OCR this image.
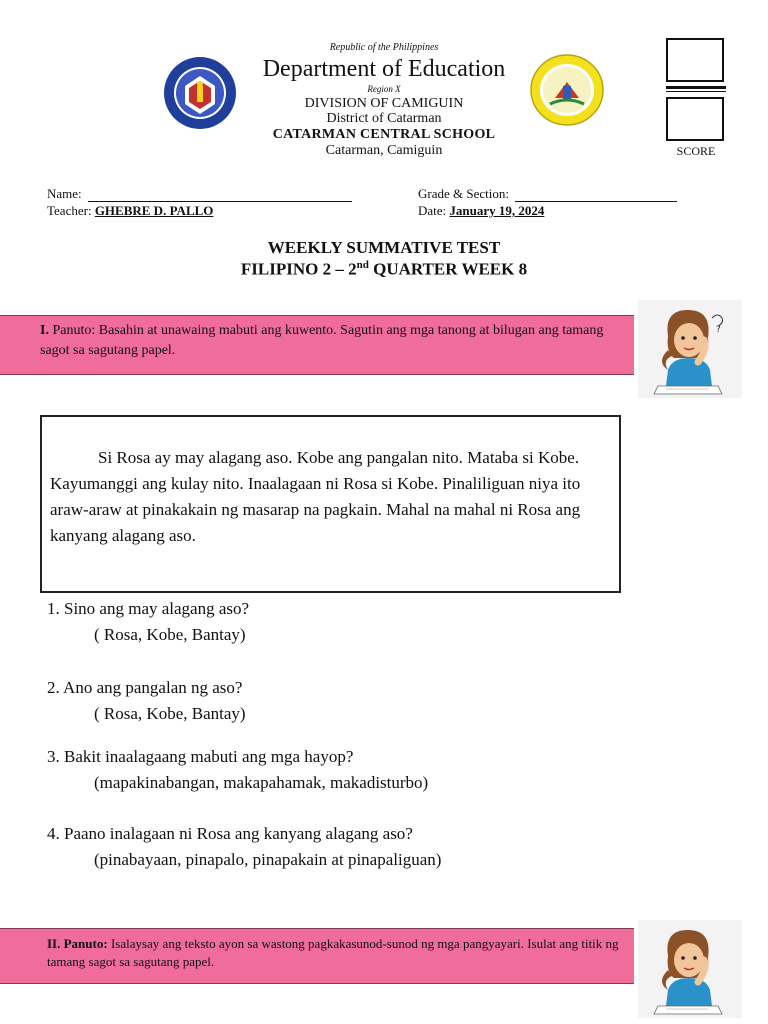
Republic of the Philippines
Department of Education
Region X
DIVISION OF CAMIGUIN
District of Catarman
CATARMAN CENTRAL SCHOOL
Catarman, Camiguin	SCORE
Name:
Teacher: GHEBRE D. PALLO
Grade & Section:
Date: January 19, 2024
WEEKLY SUMMATIVE TEST
FILIPINO 2 – 2nd QUARTER WEEK 8
I. Panuto: Basahin at unawaing mabuti ang kuwento. Sagutin ang mga tanong at bilugan ang tamang sagot sa sagutang papel.
?
Si Rosa ay may alagang aso. Kobe ang pangalan nito. Mataba si Kobe. Kayumanggi ang kulay nito. Inaalagaan ni Rosa si Kobe. Pinaliliguan niya ito araw-araw at pinakakain ng masarap na pagkain. Mahal na mahal ni Rosa ang kanyang alagang aso.
1. Sino ang may alagang aso?
( Rosa, Kobe, Bantay)
2. Ano ang pangalan ng aso?
( Rosa, Kobe, Bantay)
3. Bakit inaalagaang mabuti ang mga hayop?
(mapakinabangan, makapahamak, makadisturbo)
4. Paano inalagaan ni Rosa ang kanyang alagang aso?
(pinabayaan, pinapalo, pinapakain at pinapaliguan)
II. Panuto: Isalaysay ang teksto ayon sa wastong pagkakasunod-sunod ng mga pangyayari. Isulat ang titik ng tamang sagot sa sagutang papel.
